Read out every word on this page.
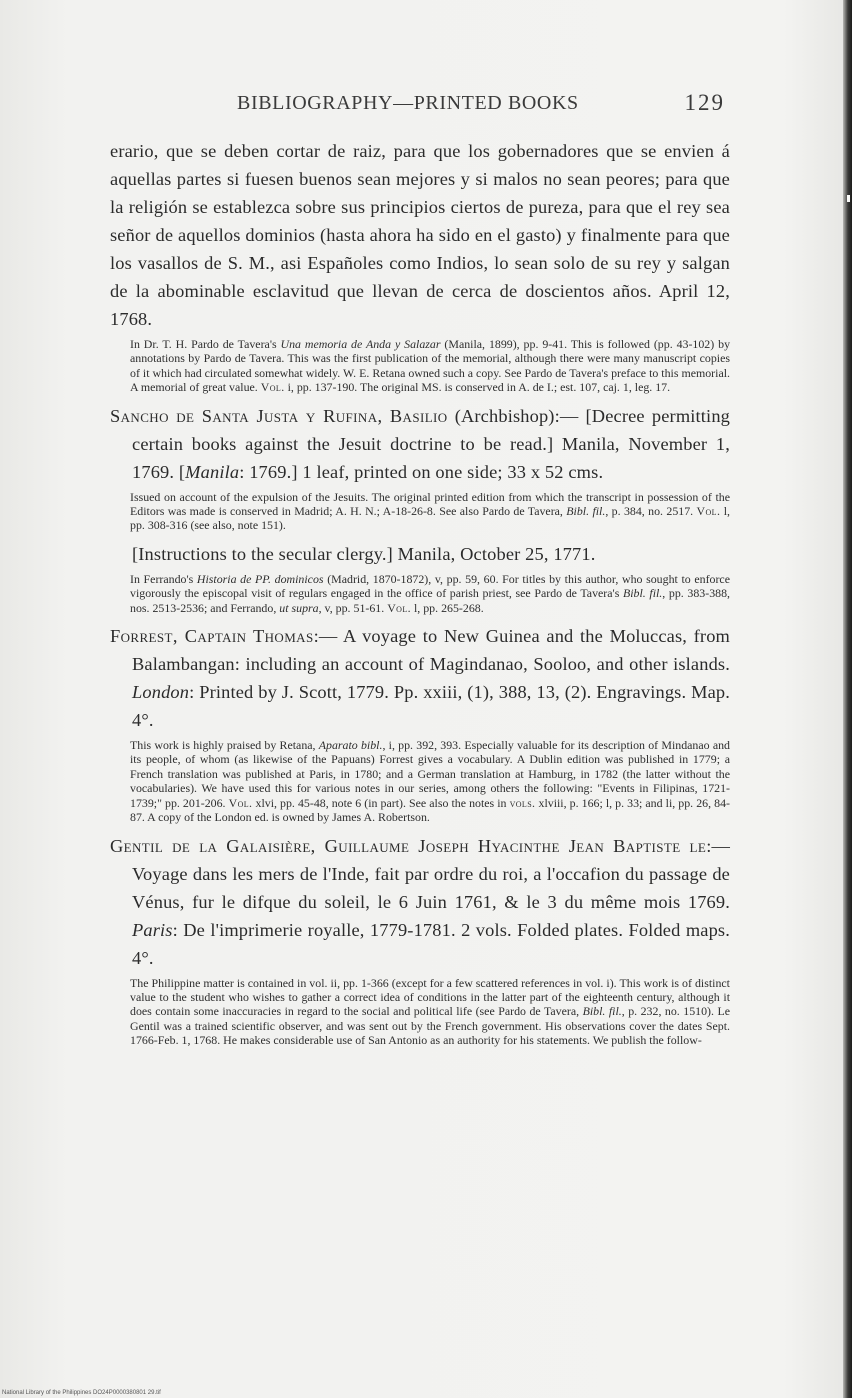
BIBLIOGRAPHY—PRINTED BOOKS	129

erario, que se deben cortar de raiz, para que los gobernadores que se envien á aquellas partes si fuesen buenos sean mejores y si malos no sean peores; para que la religión se establezca sobre sus principios ciertos de pureza, para que el rey sea señor de aquellos dominios (hasta ahora ha sido en el gasto) y finalmente para que los vasallos de S. M., asi Españoles como Indios, lo sean solo de su rey y salgan de la abominable esclavitud que llevan de cerca de doscientos años. April 12, 1768.

In Dr. T. H. Pardo de Tavera's Una memoria de Anda y Salazar (Manila, 1899), pp. 9-41. This is followed (pp. 43-102) by annotations by Pardo de Tavera. This was the first publication of the memorial, although there were many manuscript copies of it which had circulated somewhat widely. W. E. Retana owned such a copy. See Pardo de Tavera's preface to this memorial. A memorial of great value. Vol. i, pp. 137-190. The original MS. is conserved in A. de I.; est. 107, caj. 1, leg. 17.

Sancho de Santa Justa y Rufina, Basilio (Archbishop):— [Decree permitting certain books against the Jesuit doctrine to be read.] Manila, November 1, 1769. [Manila: 1769.] 1 leaf, printed on one side; 33 x 52 cms.

Issued on account of the expulsion of the Jesuits. The original printed edition from which the transcript in possession of the Editors was made is conserved in Madrid; A. H. N.; A-18-26-8. See also Pardo de Tavera, Bibl. fil., p. 384, no. 2517. Vol. l, pp. 308-316 (see also, note 151).

[Instructions to the secular clergy.] Manila, October 25, 1771.

In Ferrando's Historia de PP. dominicos (Madrid, 1870-1872), v, pp. 59, 60. For titles by this author, who sought to enforce vigorously the episcopal visit of regulars engaged in the office of parish priest, see Pardo de Tavera's Bibl. fil., pp. 383-388, nos. 2513-2536; and Ferrando, ut supra, v, pp. 51-61. Vol. l, pp. 265-268.

Forrest, Captain Thomas:— A voyage to New Guinea and the Moluccas, from Balambangan: including an account of Magindanao, Sooloo, and other islands. London: Printed by J. Scott, 1779. Pp. xxiii, (1), 388, 13, (2). Engravings. Map. 4°.

This work is highly praised by Retana, Aparato bibl., i, pp. 392, 393. Especially valuable for its description of Mindanao and its people, of whom (as likewise of the Papuans) Forrest gives a vocabulary. A Dublin edition was published in 1779; a French translation was published at Paris, in 1780; and a German translation at Hamburg, in 1782 (the latter without the vocabularies). We have used this for various notes in our series, among others the following: "Events in Filipinas, 1721-1739;" pp. 201-206. Vol. xlvi, pp. 45-48, note 6 (in part). See also the notes in vols. xlviii, p. 166; l, p. 33; and li, pp. 26, 84-87. A copy of the London ed. is owned by James A. Robertson.

Gentil de la Galaisière, Guillaume Joseph Hyacinthe Jean Baptiste le:— Voyage dans les mers de l'Inde, fait par ordre du roi, a l'occafion du passage de Vénus, fur le difque du soleil, le 6 Juin 1761, & le 3 du même mois 1769. Paris: De l'imprimerie royalle, 1779-1781. 2 vols. Folded plates. Folded maps. 4°.

The Philippine matter is contained in vol. ii, pp. 1-366 (except for a few scattered references in vol. i). This work is of distinct value to the student who wishes to gather a correct idea of conditions in the latter part of the eighteenth century, although it does contain some inaccuracies in regard to the social and political life (see Pardo de Tavera, Bibl. fil., p. 232, no. 1510). Le Gentil was a trained scientific observer, and was sent out by the French government. His observations cover the dates Sept. 1766-Feb. 1, 1768. He makes considerable use of San Antonio as an authority for his statements. We publish the follow-

National Library of the Philippines DO24P0000380801 29.tif
